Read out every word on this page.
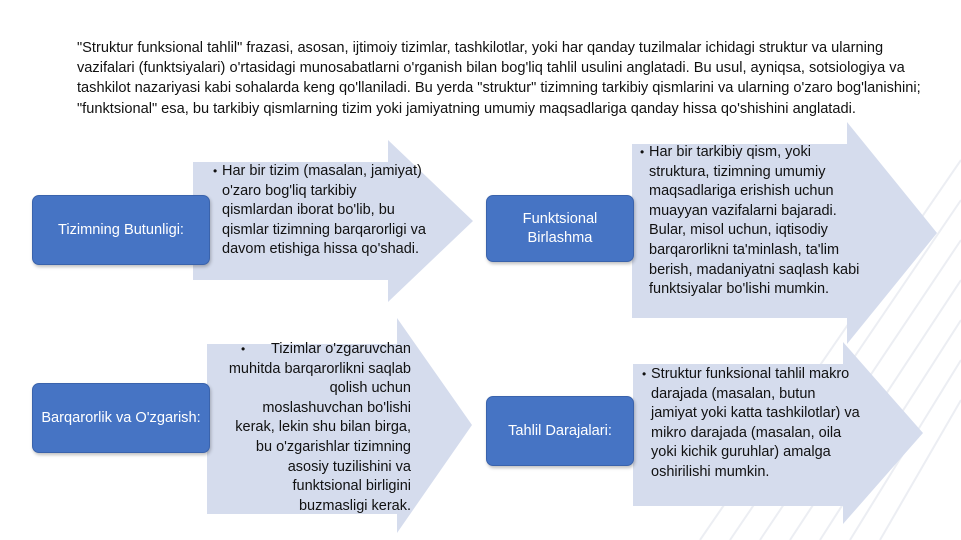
"Struktur funksional tahlil" frazasi, asosan, ijtimoiy tizimlar, tashkilotlar, yoki har qanday tuzilmalar ichidagi struktur va ularning vazifalari (funktsiyalari) o'rtasidagi munosabatlarni o'rganish bilan bog'liq tahlil usulini anglatadi. Bu usul, ayniqsa, sotsiologiya va tashkilot nazariyasi kabi sohalarda keng qo'llaniladi. Bu yerda "struktur" tizimning tarkibiy qismlarini va ularning o'zaro bog'lanishini; "funktsional" esa, bu tarkibiy qismlarning tizim yoki jamiyatning umumiy maqsadlariga qanday hissa qo'shishini anglatadi.

• Har bir tizim (masalan, jamiyat) o'zaro bog'liq tarkibiy qismlardan iborat bo'lib, bu qismlar tizimning barqarorligi va davom etishiga hissa qo'shadi.
Tizimning Butunligi:
• Har bir tarkibiy qism, yoki struktura, tizimning umumiy maqsadlariga erishish uchun muayyan vazifalarni bajaradi. Bular, misol uchun, iqtisodiy barqarorlikni ta'minlash, ta'lim berish, madaniyatni saqlash kabi funktsiyalar bo'lishi mumkin.
Funktsional Birlashma
• Tizimlar o'zgaruvchan muhitda barqarorlikni saqlab qolish uchun moslashuvchan bo'lishi kerak, lekin shu bilan birga, bu o'zgarishlar tizimning asosiy tuzilishini va funktsional birligini buzmasligi kerak.
Barqarorlik va O'zgarish:
• Struktur funksional tahlil makro darajada (masalan, butun jamiyat yoki katta tashkilotlar) va mikro darajada (masalan, oila yoki kichik guruhlar) amalga oshirilishi mumkin.
Tahlil Darajalari:
